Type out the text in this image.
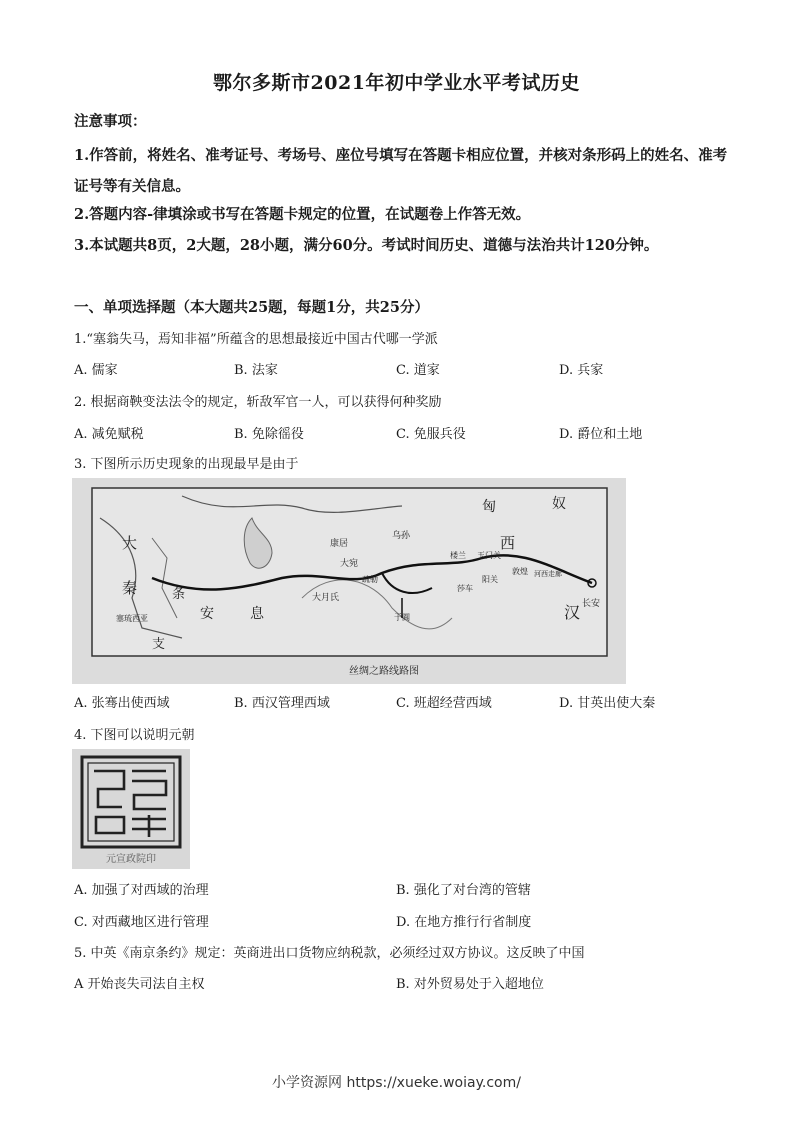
鄂尔多斯市2021年初中学业水平考试历史
注意事项：
1.作答前，将姓名、准考证号、考场号、座位号填写在答题卡相应位置，并核对条形码上的姓名、准考证号等有关信息。
2.答题内容-律填涂或书写在答题卡规定的位置，在试题卷上作答无效。
3.本试题共8页，2大题，28小题，满分60分。考试时间历史、道德与法治共计120分钟。
一、单项选择题（本大题共25题，每题1分，共25分）
1.“塞翁失马，焉知非福”所蕴含的思想最接近中国古代哪一学派
A. 儒家	B. 法家	C. 道家	D. 兵家
2. 根据商鞅变法法令的规定，斩敌军官一人，可以获得何种奖励
A. 减免赋税	B. 免除徭役	C. 免服兵役	D. 爵位和土地
3. 下图所示历史现象的出现最早是由于
匈	奴
西
汉 长安
大
秦	条
支
安	息
塞琉西亚
大月氏
康居
大宛
乌孙
疏勒
楼兰 玉门关
阳关
敦煌
于阗
莎车
河西走廊
丝绸之路线路图
A. 张骞出使西域	B. 西汉管理西域	C. 班超经营西域	D. 甘英出使大秦
4. 下图可以说明元朝
元宣政院印
A. 加强了对西域的治理	B. 强化了对台湾的管辖
C. 对西藏地区进行管理	D. 在地方推行行省制度
5. 中英《南京条约》规定：英商进出口货物应纳税款，必须经过双方协议。这反映了中国
A 开始丧失司法自主权	B. 对外贸易处于入超地位
小学资源网 https://xueke.woiay.com/
